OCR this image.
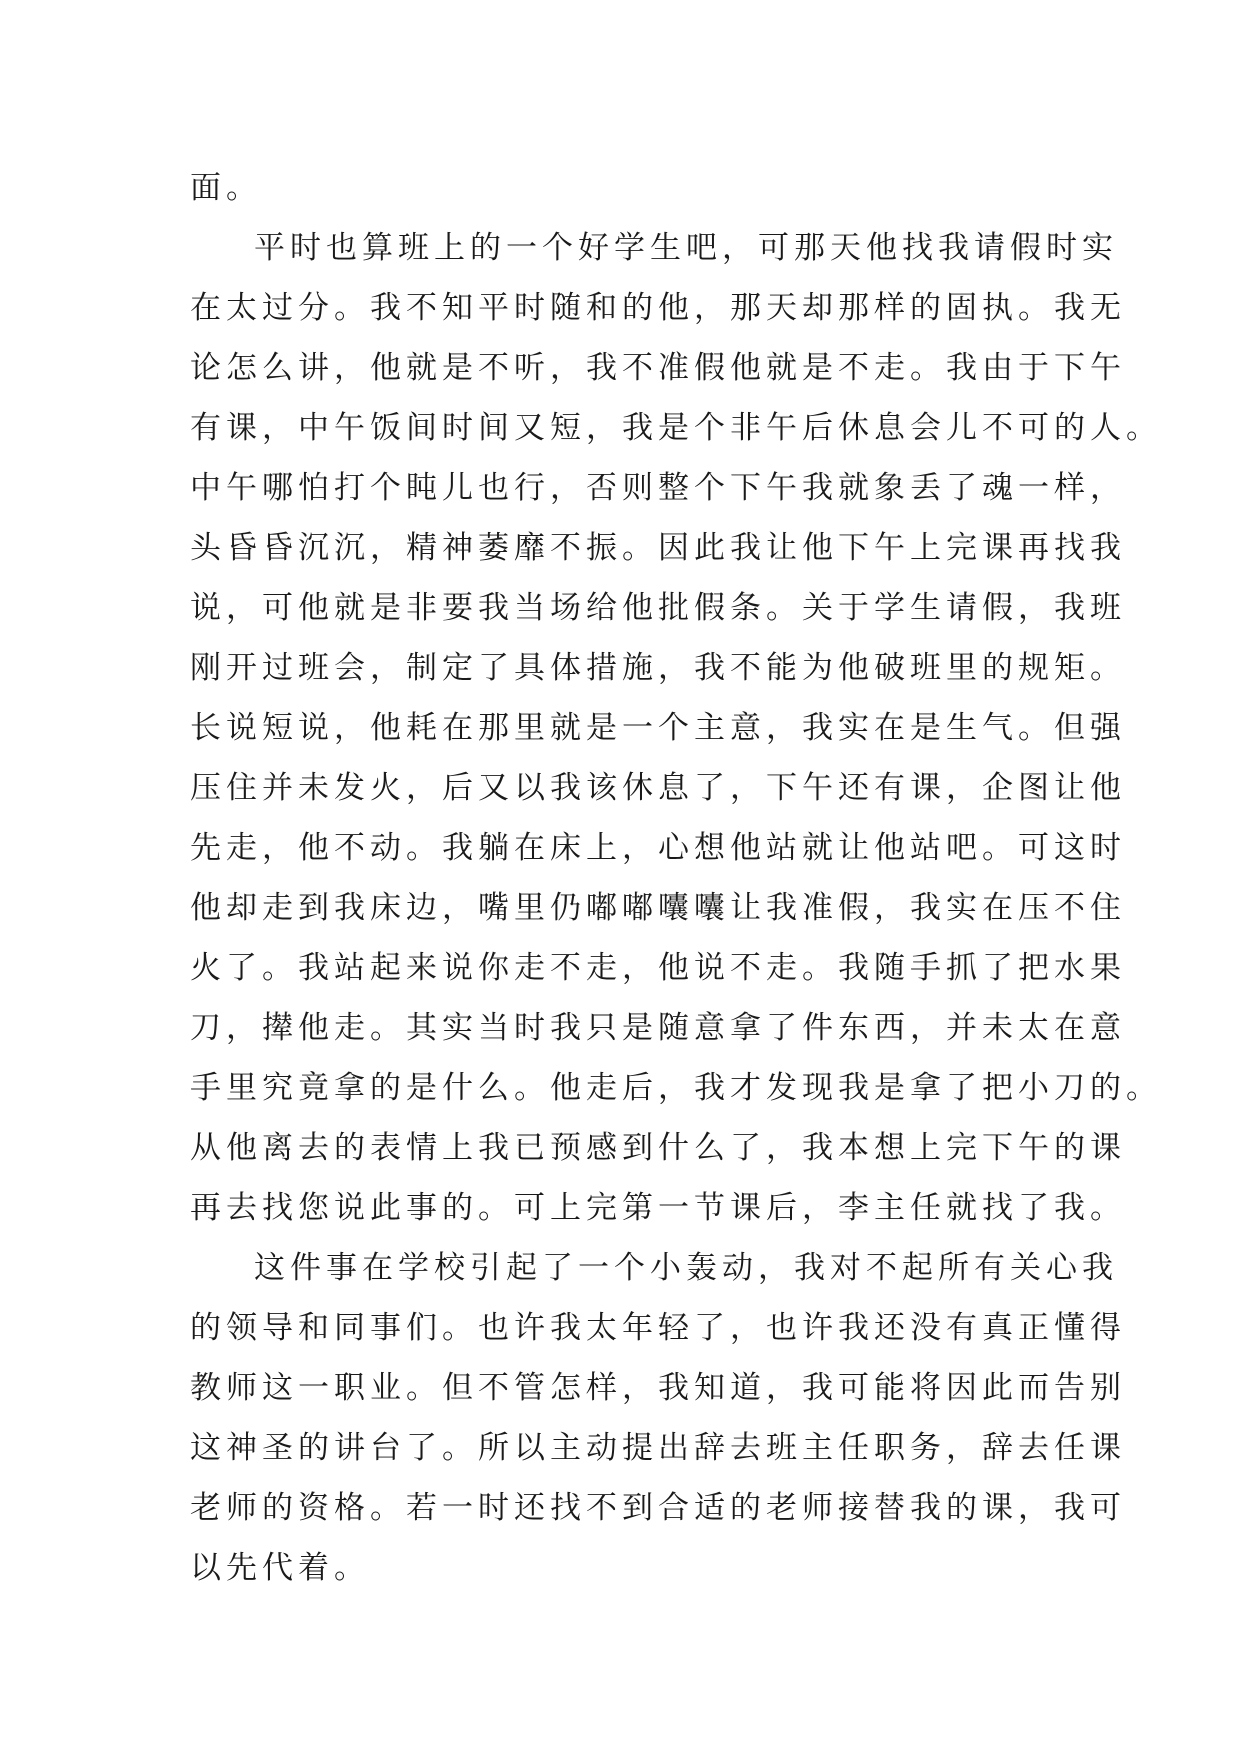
面。
平时也算班上的一个好学生吧，可那天他找我请假时实
在太过分。我不知平时随和的他，那天却那样的固执。我无
论怎么讲，他就是不听，我不准假他就是不走。我由于下午
有课，中午饭间时间又短，我是个非午后休息会儿不可的人。
中午哪怕打个盹儿也行，否则整个下午我就象丢了魂一样，
头昏昏沉沉，精神萎靡不振。因此我让他下午上完课再找我
说，可他就是非要我当场给他批假条。关于学生请假，我班
刚开过班会，制定了具体措施，我不能为他破班里的规矩。
长说短说，他耗在那里就是一个主意，我实在是生气。但强
压住并未发火，后又以我该休息了，下午还有课，企图让他
先走，他不动。我躺在床上，心想他站就让他站吧。可这时
他却走到我床边，嘴里仍嘟嘟囔囔让我准假，我实在压不住
火了。我站起来说你走不走，他说不走。我随手抓了把水果
刀，撵他走。其实当时我只是随意拿了件东西，并未太在意
手里究竟拿的是什么。他走后，我才发现我是拿了把小刀的。
从他离去的表情上我已预感到什么了，我本想上完下午的课
再去找您说此事的。可上完第一节课后，李主任就找了我。
这件事在学校引起了一个小轰动，我对不起所有关心我
的领导和同事们。也许我太年轻了，也许我还没有真正懂得
教师这一职业。但不管怎样，我知道，我可能将因此而告别
这神圣的讲台了。所以主动提出辞去班主任职务，辞去任课
老师的资格。若一时还找不到合适的老师接替我的课，我可
以先代着。
